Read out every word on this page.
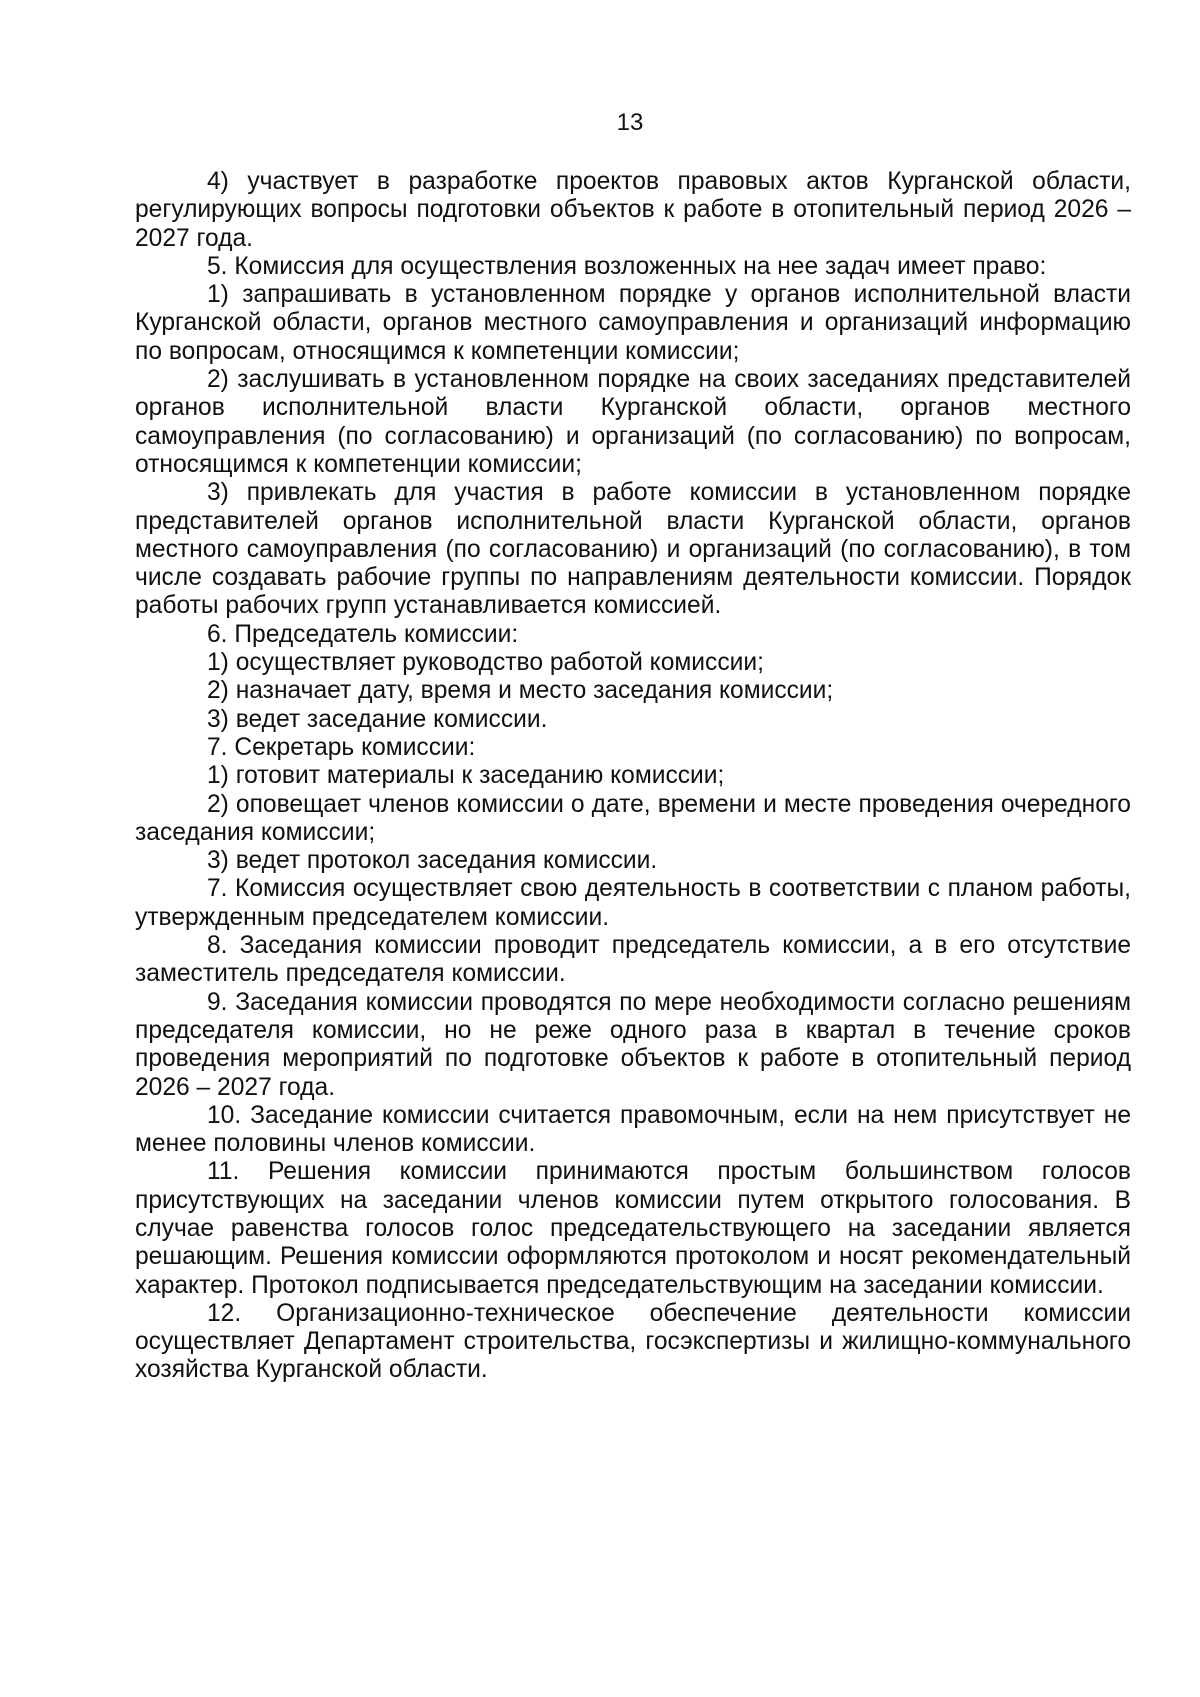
13

4) участвует в разработке проектов правовых актов Курганской области, регулирующих вопросы подготовки объектов к работе в отопительный период 2026 – 2027 года.

5. Комиссия для осуществления возложенных на нее задач имеет право:

1) запрашивать в установленном порядке у органов исполнительной власти Курганской области, органов местного самоуправления и организаций информацию по вопросам, относящимся к компетенции комиссии;

2) заслушивать в установленном порядке на своих заседаниях представителей органов исполнительной власти Курганской области, органов местного самоуправления (по согласованию) и организаций (по согласованию) по вопросам, относящимся к компетенции комиссии;

3) привлекать для участия в работе комиссии в установленном порядке представителей органов исполнительной власти Курганской области, органов местного самоуправления (по согласованию) и организаций (по согласованию), в том числе создавать рабочие группы по направлениям деятельности комиссии. Порядок работы рабочих групп устанавливается комиссией.

6. Председатель комиссии:

1) осуществляет руководство работой комиссии;

2) назначает дату, время и место заседания комиссии;

3) ведет заседание комиссии.

7. Секретарь комиссии:

1) готовит материалы к заседанию комиссии;

2) оповещает членов комиссии о дате, времени и месте проведения очередного заседания комиссии;

3) ведет протокол заседания комиссии.

7. Комиссия осуществляет свою деятельность в соответствии с планом работы, утвержденным председателем комиссии.

8. Заседания комиссии проводит председатель комиссии, а в его отсутствие заместитель председателя комиссии.

9. Заседания комиссии проводятся по мере необходимости согласно решениям председателя комиссии, но не реже одного раза в квартал в течение сроков проведения мероприятий по подготовке объектов к работе в отопительный период 2026 – 2027 года.

10. Заседание комиссии считается правомочным, если на нем присутствует не менее половины членов комиссии.

11. Решения комиссии принимаются простым большинством голосов присутствующих на заседании членов комиссии путем открытого голосования. В случае равенства голосов голос председательствующего на заседании является решающим. Решения комиссии оформляются протоколом и носят рекомендательный характер. Протокол подписывается председательствующим на заседании комиссии.

12. Организационно-техническое обеспечение деятельности комиссии осуществляет Департамент строительства, госэкспертизы и жилищно-коммунального хозяйства Курганской области.
